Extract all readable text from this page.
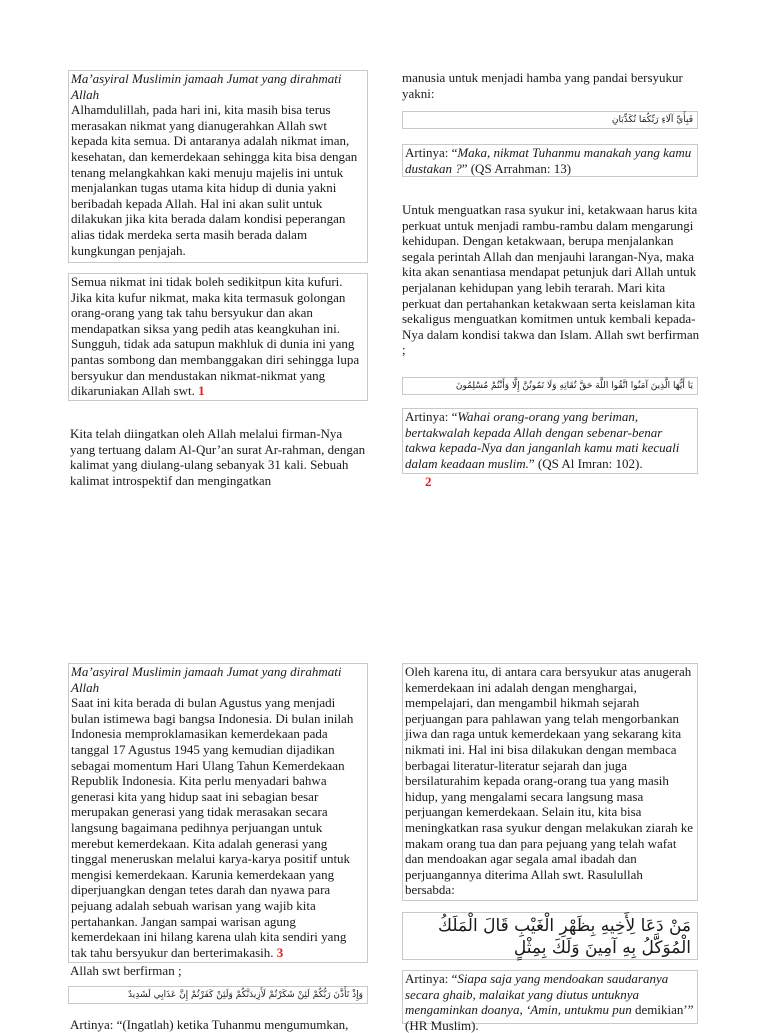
Ma’asyiral Muslimin jamaah Jumat yang dirahmati Allah

Alhamdulillah, pada hari ini, kita masih bisa terus merasakan nikmat yang dianugerahkan Allah swt kepada kita semua. Di antaranya adalah nikmat iman, kesehatan, dan kemerdekaan sehingga kita bisa dengan tenang melangkahkan kaki menuju majelis ini untuk menjalankan tugas utama kita hidup di dunia yakni beribadah kepada Allah. Hal ini akan sulit untuk dilakukan jika kita berada dalam kondisi peperangan alias tidak merdeka serta masih berada dalam kungkungan penjajah.

Semua nikmat ini tidak boleh sedikitpun kita kufuri. Jika kita kufur nikmat, maka kita termasuk golongan orang-orang yang tak tahu bersyukur dan akan mendapatkan siksa yang pedih atas keangkuhan ini. Sungguh, tidak ada satupun makhluk di dunia ini yang pantas sombong dan membanggakan diri sehingga lupa bersyukur dan mendustakan nikmat-nikmat yang dikaruniakan Allah swt. 1

Kita telah diingatkan oleh Allah melalui firman-Nya yang tertuang dalam Al-Qur’an surat Ar-rahman, dengan kalimat yang diulang-ulang sebanyak 31 kali. Sebuah kalimat introspektif dan mengingatkan

manusia untuk menjadi hamba yang pandai bersyukur yakni:

فَبِأَيِّ آلَاءِ رَبِّكُمَا تُكَذِّبَانِ
Artinya: “Maka, nikmat Tuhanmu manakah yang kamu dustakan ?” (QS Arrahman: 13)

Untuk menguatkan rasa syukur ini, ketakwaan harus kita perkuat untuk menjadi rambu-rambu dalam mengarungi kehidupan. Dengan ketakwaan, berupa menjalankan segala perintah Allah dan menjauhi larangan-Nya, maka kita akan senantiasa mendapat petunjuk dari Allah untuk perjalanan kehidupan yang lebih terarah. Mari kita perkuat dan pertahankan ketakwaan serta keislaman kita sekaligus menguatkan komitmen untuk kembali kepada-Nya dalam kondisi takwa dan Islam. Allah swt berfirman ;

يَا أَيُّهَا الَّذِينَ آمَنُوا اتَّقُوا اللَّهَ حَقَّ تُقَاتِهِ وَلَا تَمُوتُنَّ إِلَّا وَأَنْتُمْ مُسْلِمُونَ
Artinya: “Wahai orang-orang yang beriman, bertakwalah kepada Allah dengan sebenar-benar takwa kepada-Nya dan janganlah kamu mati kecuali dalam keadaan muslim.” (QS Al Imran: 102).
2

Ma’asyiral Muslimin jamaah Jumat yang dirahmati Allah

Saat ini kita berada di bulan Agustus yang menjadi bulan istimewa bagi bangsa Indonesia. Di bulan inilah Indonesia memproklamasikan kemerdekaan pada tanggal 17 Agustus 1945 yang kemudian dijadikan sebagai momentum Hari Ulang Tahun Kemerdekaan Republik Indonesia. Kita perlu menyadari bahwa generasi kita yang hidup saat ini sebagian besar merupakan generasi yang tidak merasakan secara langsung bagaimana pedihnya perjuangan untuk merebut kemerdekaan. Kita adalah generasi yang tinggal meneruskan melalui karya-karya positif untuk mengisi kemerdekaan. Karunia kemerdekaan yang diperjuangkan dengan tetes darah dan nyawa para pejuang adalah sebuah warisan yang wajib kita pertahankan. Jangan sampai warisan agung kemerdekaan ini hilang karena ulah kita sendiri yang tak tahu bersyukur dan berterimakasih. 3

Allah swt berfirman ;

وَإِذْ تَأَذَّنَ رَبُّكُمْ لَئِنْ شَكَرْتُمْ لَأَزِيدَنَّكُمْ وَلَئِنْ كَفَرْتُمْ إِنَّ عَذَابِي لَشَدِيدٌ

Artinya: “(Ingatlah) ketika Tuhanmu mengumumkan,

Oleh karena itu, di antara cara bersyukur atas anugerah kemerdekaan ini adalah dengan menghargai, mempelajari, dan mengambil hikmah sejarah perjuangan para pahlawan yang telah mengorbankan jiwa dan raga untuk kemerdekaan yang sekarang kita nikmati ini. Hal ini bisa dilakukan dengan membaca berbagai literatur-literatur sejarah dan juga bersilaturahim kepada orang-orang tua yang masih hidup, yang mengalami secara langsung masa perjuangan kemerdekaan. Selain itu, kita bisa meningkatkan rasa syukur dengan melakukan ziarah ke makam orang tua dan para pejuang yang telah wafat dan mendoakan agar segala amal ibadah dan perjuangannya diterima Allah swt. Rasulullah bersabda:

مَنْ دَعَا لِأَخِيهِ بِظَهْرِ الْغَيْبِ قَالَ الْمَلَكُ الْمُوَكَّلُ بِهِ آمِينَ وَلَكَ بِمِثْلٍ
Artinya: “Siapa saja yang mendoakan saudaranya secara ghaib, malaikat yang diutus untuknya mengaminkan doanya, ‘Amin, untukmu pun demikian’” (HR Muslim).
